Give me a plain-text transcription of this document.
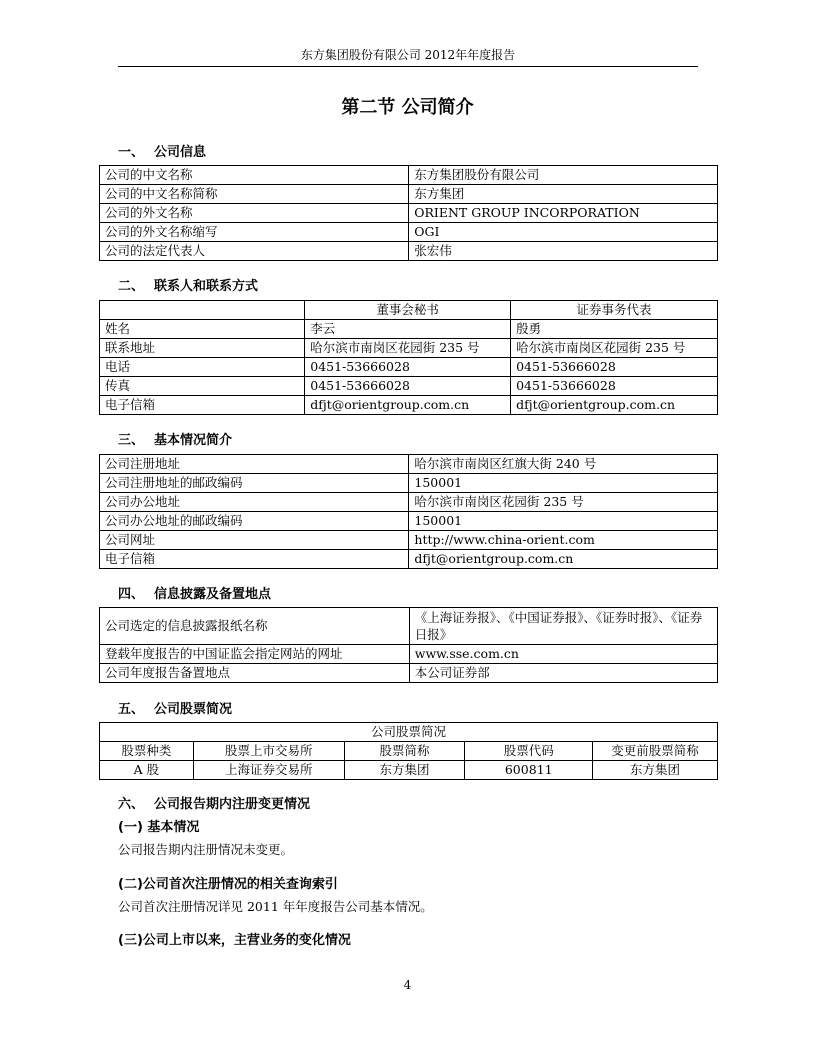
东方集团股份有限公司 2012年年度报告
第二节 公司简介
一、 公司信息
公司的中文名称	东方集团股份有限公司
公司的中文名称简称	东方集团
公司的外文名称	ORIENT GROUP INCORPORATION
公司的外文名称缩写	OGI
公司的法定代表人	张宏伟
二、 联系人和联系方式
	董事会秘书	证券事务代表
姓名	李云	殷勇
联系地址	哈尔滨市南岗区花园街 235 号	哈尔滨市南岗区花园街 235 号
电话	0451-53666028	0451-53666028
传真	0451-53666028	0451-53666028
电子信箱	dfjt@orientgroup.com.cn	dfjt@orientgroup.com.cn
三、 基本情况简介
公司注册地址	哈尔滨市南岗区红旗大街 240 号
公司注册地址的邮政编码	150001
公司办公地址	哈尔滨市南岗区花园街 235 号
公司办公地址的邮政编码	150001
公司网址	http://www.china-orient.com
电子信箱	dfjt@orientgroup.com.cn
四、 信息披露及备置地点
公司选定的信息披露报纸名称	《上海证券报》、《中国证券报》、《证券时报》、《证券日报》
登载年度报告的中国证监会指定网站的网址	www.sse.com.cn
公司年度报告备置地点	本公司证券部
五、 公司股票简况
公司股票简况				
股票种类	股票上市交易所	股票简称	股票代码	变更前股票简称
A 股	上海证券交易所	东方集团	600811	东方集团
六、 公司报告期内注册变更情况
(一) 基本情况
公司报告期内注册情况未变更。
(二)公司首次注册情况的相关查询索引
公司首次注册情况详见 2011 年年度报告公司基本情况。
(三)公司上市以来，主营业务的变化情况
4
